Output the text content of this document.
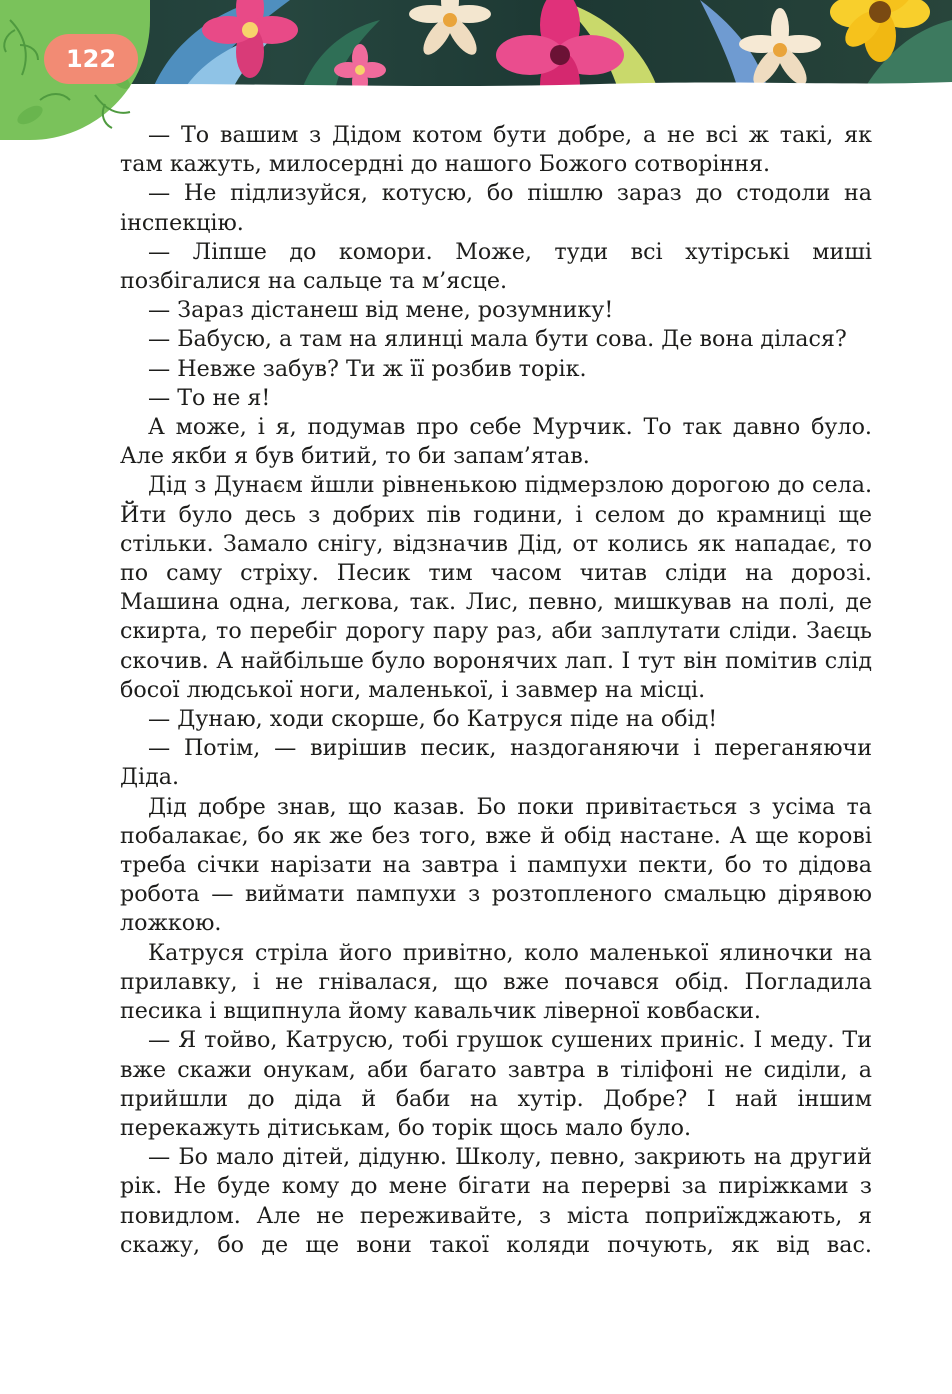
122

— То вашим з Дідом котом бути добре, а не всі ж такі, як там кажуть, милосердні до нашого Божого сотворіння.

— Не підлизуйся, котусю, бо пішлю зараз до стодоли на інспекцію.

— Ліпше до комори. Може, туди всі хутірські миші позбігалися на сальце та м’ясце.

— Зараз дістанеш від мене, розумнику!

— Бабусю, а там на ялинці мала бути сова. Де вона ділася?

— Невже забув? Ти ж її розбив торік.

— То не я!

А може, і я, подумав про себе Мурчик. То так давно було. Але якби я був битий, то би запам’ятав.

Дід з Дунаєм йшли рівненькою підмерзлою дорогою до села. Йти було десь з добрих пів години, і селом до крамниці ще стільки. Замало снігу, відзначив Дід, от колись як нападає, то по саму стріху. Песик тим часом читав сліди на дорозі. Машина одна, легкова, так. Лис, певно, мишкував на полі, де скирта, то перебіг дорогу пару раз, аби заплутати сліди. Заєць скочив. А найбільше було воронячих лап. І тут він помітив слід босої людської ноги, маленької, і завмер на місці.

— Дунаю, ходи скорше, бо Катруся піде на обід!

— Потім, — вирішив песик, наздоганяючи і переганяючи Діда.

Дід добре знав, що казав. Бо поки привітається з усіма та побалакає, бо як же без того, вже й обід настане. А ще корові треба січки нарізати на завтра і пампухи пекти, бо то дідова робота — виймати пампухи з розтопленого смальцю дірявою ложкою.

Катруся стріла його привітно, коло маленької ялиночки на прилавку, і не гнівалася, що вже почався обід. Погладила песика і вщипнула йому кавальчик ліверної ковбаски.

— Я тойво, Катрусю, тобі грушок сушених приніс. І меду. Ти вже скажи онукам, аби багато завтра в тіліфоні не сиділи, а прийшли до діда й баби на хутір. Добре? І най іншим перекажуть дітиськам, бо торік щось мало було.

— Бо мало дітей, дідуню. Школу, певно, закриють на другий рік. Не буде кому до мене бігати на перерві за пиріжками з повидлом. Але не переживайте, з міста поприїжджають, я скажу, бо де ще вони такої коляди почують, як від вас.
